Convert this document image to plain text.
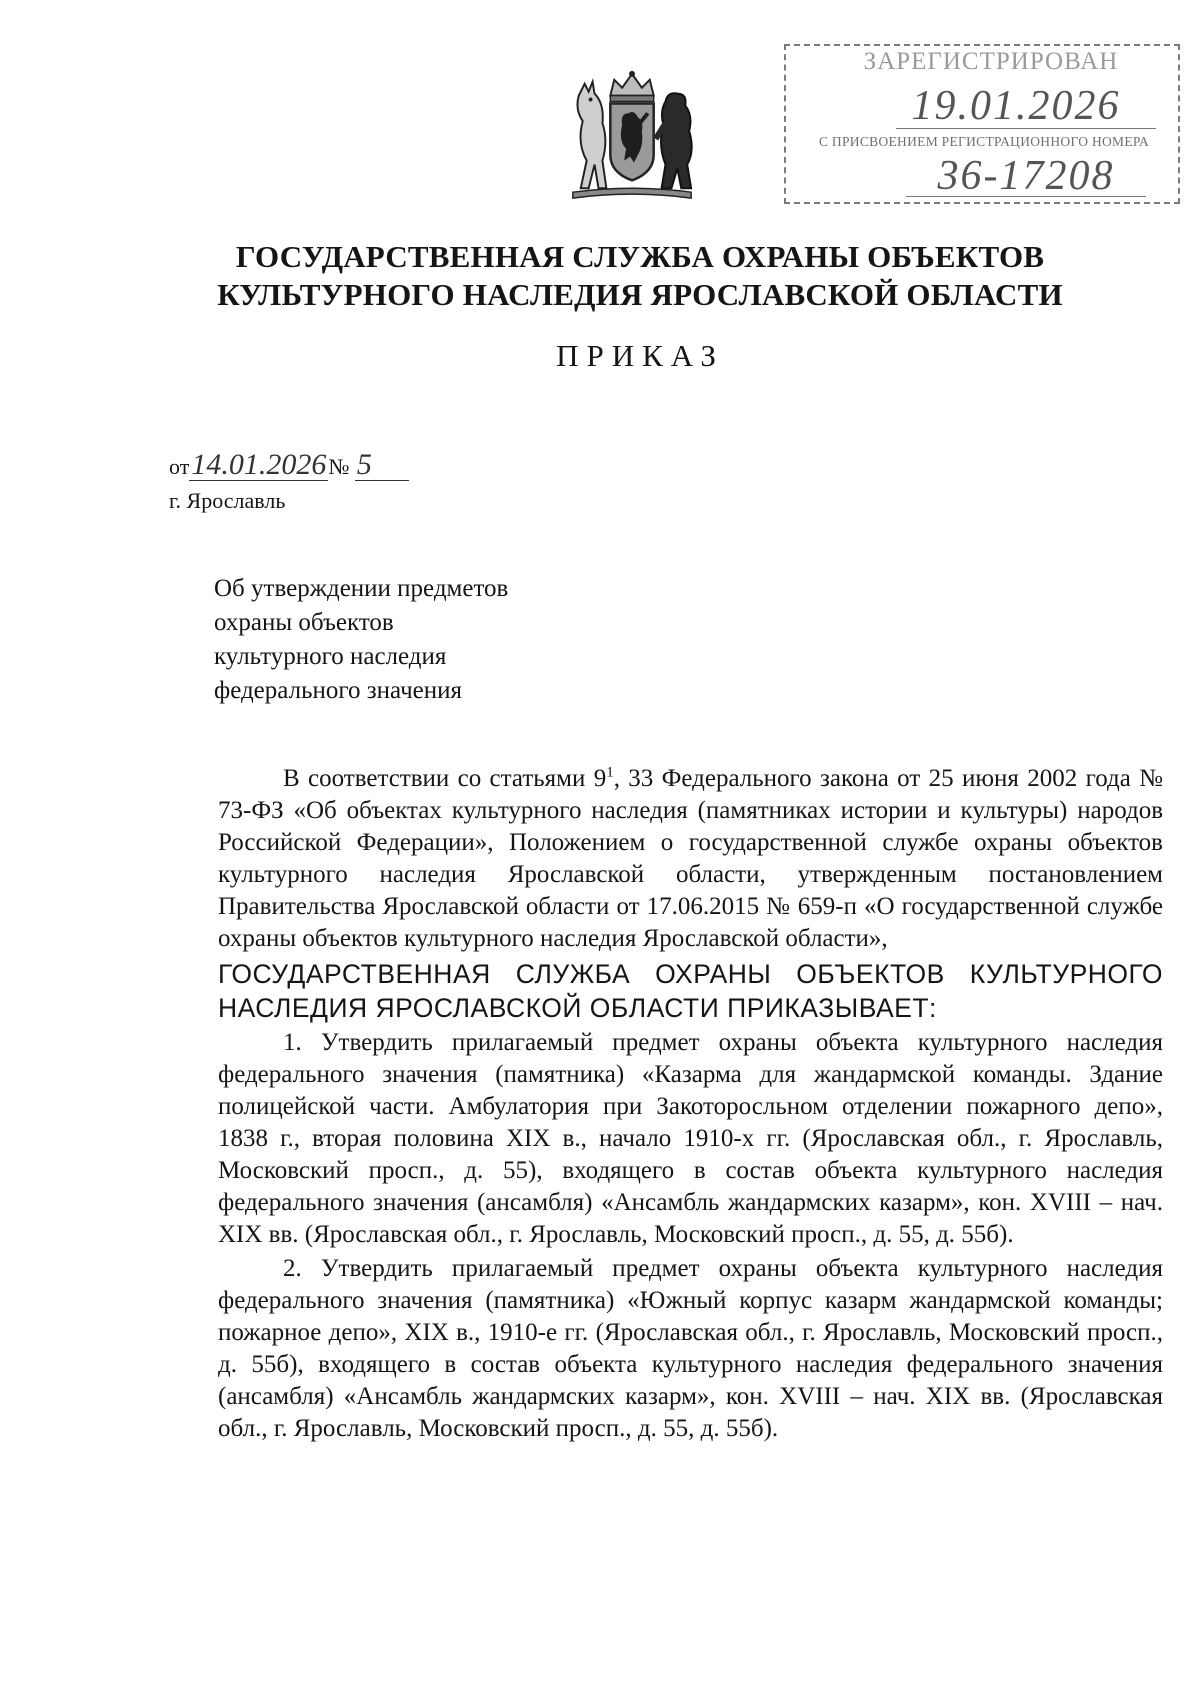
ЗАРЕГИСТРИРОВАН
19.01.2026
С ПРИСВОЕНИЕМ РЕГИСТРАЦИОННОГО НОМЕРА
36-17208
ГОСУДАРСТВЕННАЯ СЛУЖБА ОХРАНЫ ОБЪЕКТОВ
КУЛЬТУРНОГО НАСЛЕДИЯ ЯРОСЛАВСКОЙ ОБЛАСТИ
ПРИКАЗ
от14.01.2026№ 5
г. Ярославль
Об утверждении предметов
охраны объектов
культурного наследия
федерального значения

В соответствии со статьями $9^1$, 33 Федерального закона от 25 июня 2002 года № 73-ФЗ «Об объектах культурного наследия (памятниках истории и культуры) народов Российской Федерации», Положением о государственной службе охраны объектов культурного наследия Ярославской области, утвержденным постановлением Правительства Ярославской области от 17.06.2015 № 659-п «О государственной службе охраны объектов культурного наследия Ярославской области»,

ГОСУДАРСТВЕННАЯ СЛУЖБА ОХРАНЫ ОБЪЕКТОВ КУЛЬТУРНОГО НАСЛЕДИЯ ЯРОСЛАВСКОЙ ОБЛАСТИ ПРИКАЗЫВАЕТ:

1. Утвердить прилагаемый предмет охраны объекта культурного наследия федерального значения (памятника) «Казарма для жандармской команды. Здание полицейской части. Амбулатория при Закоторосльном отделении пожарного депо», 1838 г., вторая половина XIX в., начало 1910-х гг. (Ярославская обл., г. Ярославль, Московский просп., д. 55), входящего в состав объекта культурного наследия федерального значения (ансамбля) «Ансамбль жандармских казарм», кон. XVIII – нач. XIX вв. (Ярославская обл., г. Ярославль, Московский просп., д. 55, д. 55б).

2. Утвердить прилагаемый предмет охраны объекта культурного наследия федерального значения (памятника) «Южный корпус казарм жандармской команды; пожарное депо», XIX в., 1910-е гг. (Ярославская обл., г. Ярославль, Московский просп., д. 55б), входящего в состав объекта культурного наследия федерального значения (ансамбля) «Ансамбль жандармских казарм», кон. XVIII – нач. XIX вв. (Ярославская обл., г. Ярославль, Московский просп., д. 55, д. 55б).
